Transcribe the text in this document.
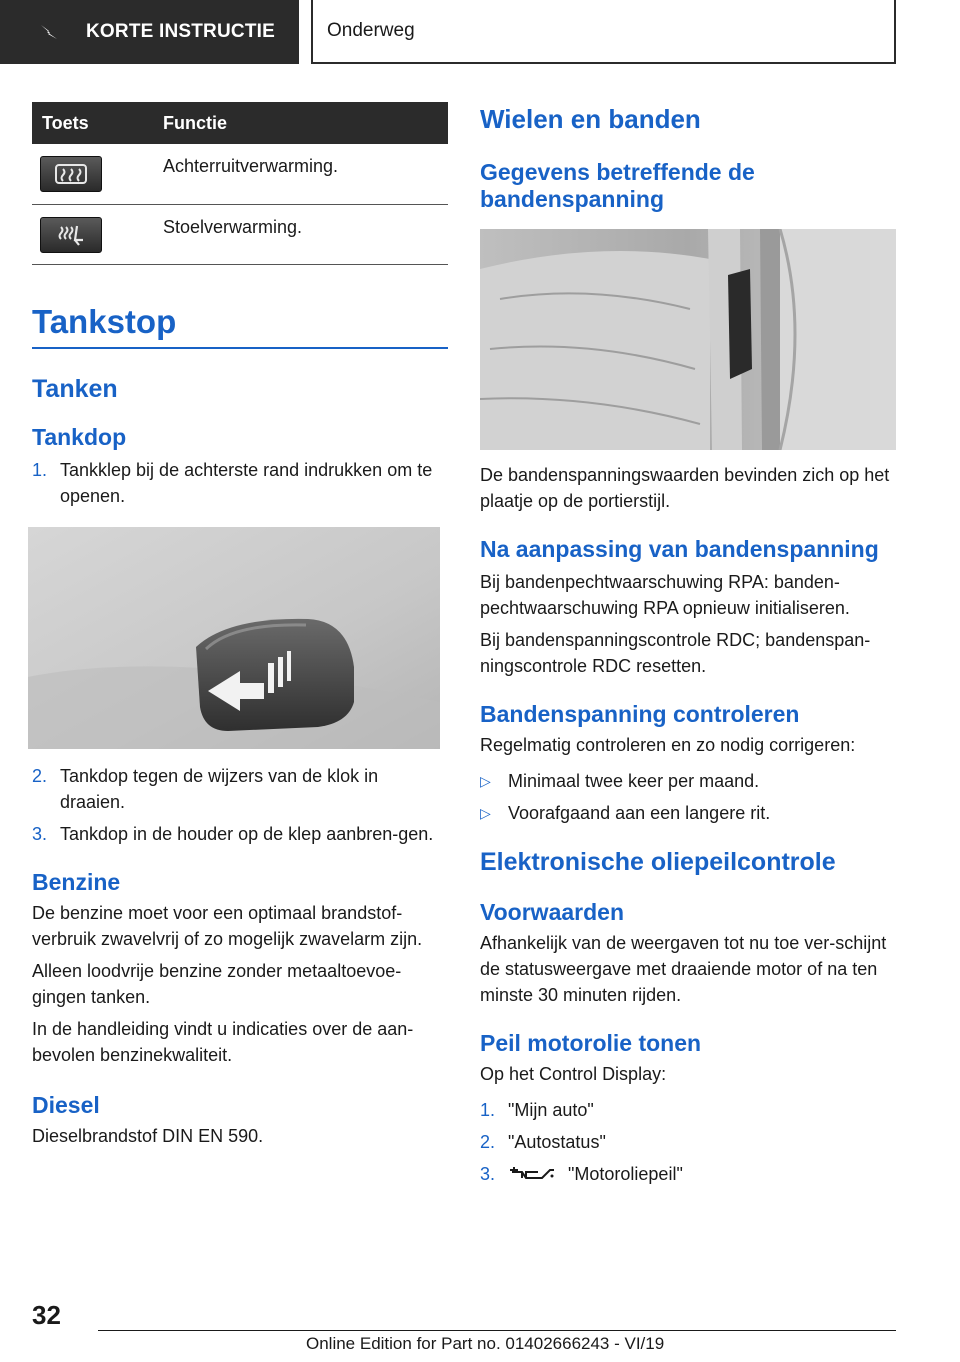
KORTE INSTRUCTIE	Onderweg
Toets	Functie

	Achterruitverwarming.

	Stoelverwarming.
Tankstop
Tanken
Tankdop
1. Tankklep bij de achterste rand indrukken om te openen.
2. Tankdop tegen de wijzers van de klok in draaien.
3. Tankdop in de houder op de klep aanbren-gen.
Benzine

De benzine moet voor een optimaal brandstof-verbruik zwavelvrij of zo mogelijk zwavelarm zijn.

Alleen loodvrije benzine zonder metaaltoevoe-gingen tanken.

In de handleiding vindt u indicaties over de aan-bevolen benzinekwaliteit.

Diesel

Dieselbrandstof DIN EN 590.

Wielen en banden
Gegevens betreffende de bandenspanning

De bandenspanningswaarden bevinden zich op het plaatje op de portierstijl.

Na aanpassing van bandenspanning

Bij bandenpechtwaarschuwing RPA: banden-pechtwaarschuwing RPA opnieuw initialiseren.

Bij bandenspanningscontrole RDC; bandenspan-ningscontrole RDC resetten.

Bandenspanning controleren

Regelmatig controleren en zo nodig corrigeren:

▷ Minimaal twee keer per maand.
▷ Voorafgaand aan een langere rit.
Elektronische oliepeilcontrole
Voorwaarden

Afhankelijk van de weergaven tot nu toe ver-schijnt de statusweergave met draaiende motor of na ten minste 30 minuten rijden.

Peil motorolie tonen

Op het Control Display:

1. "Mijn auto"
2. "Autostatus"
3.	"Motoroliepeil"
32
Online Edition for Part no. 01402666243 - VI/19
